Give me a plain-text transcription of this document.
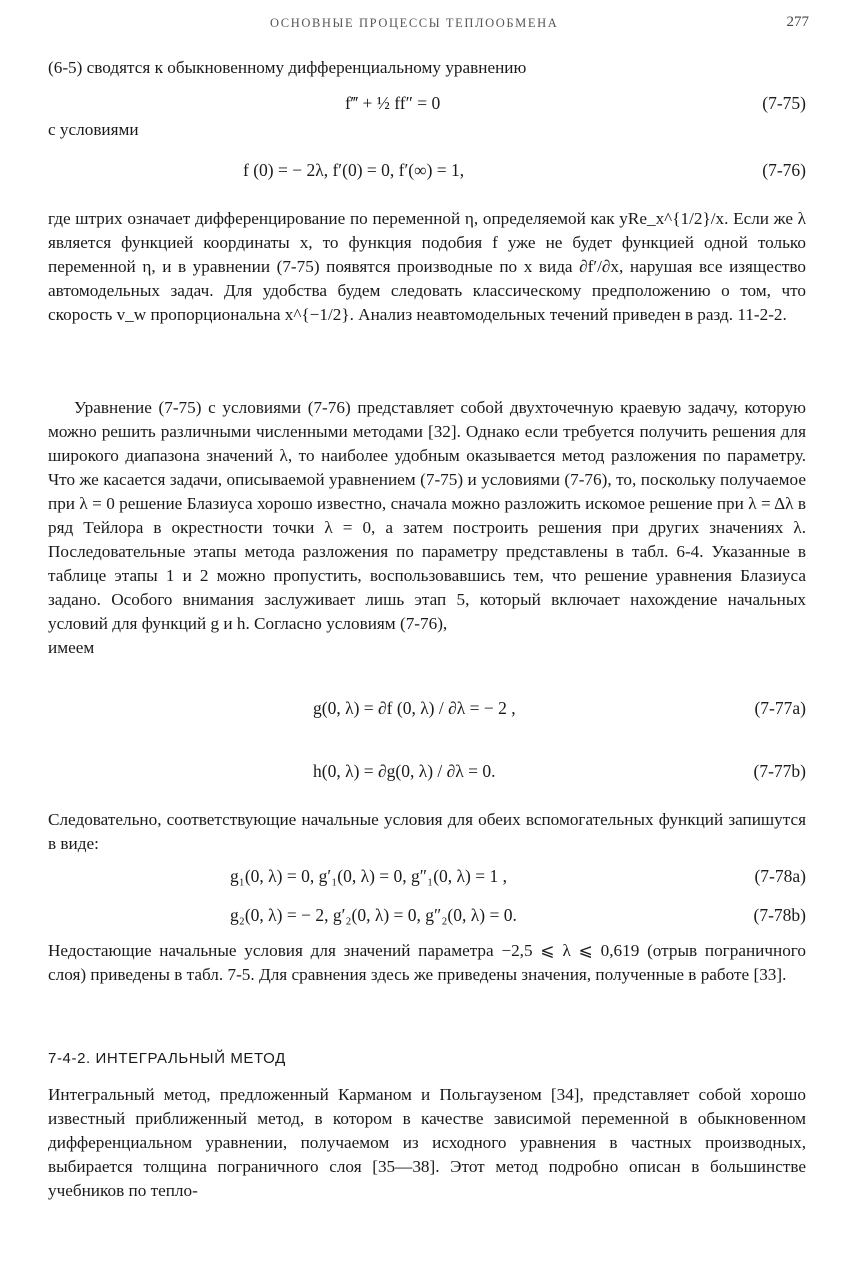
ОСНОВНЫЕ ПРОЦЕССЫ ТЕПЛООБМЕНА	277

(6-5) сводятся к обыкновенному дифференциальному уравнению

f‴ + ½ ff″ = 0	(7-75)

с условиями

f (0) = − 2λ, f′(0) = 0, f′(∞) = 1,	(7-76)

где штрих означает дифференцирование по переменной η, определяемой как yRe_x^{1/2}/x. Если же λ является функцией координаты x, то функция подобия f уже не будет функцией одной только переменной η, и в уравнении (7-75) появятся производные по x вида ∂f′/∂x, нарушая все изящество автомодельных задач. Для удобства будем следовать классическому предположению о том, что скорость v_w пропорциональна x^{−1/2}. Анализ неавтомодельных течений приведен в разд. 11-2-2.

Уравнение (7-75) с условиями (7-76) представляет собой двухточечную краевую задачу, которую можно решить различными численными методами [32]. Однако если требуется получить решения для широкого диапазона значений λ, то наиболее удобным оказывается метод разложения по параметру. Что же касается задачи, описываемой уравнением (7-75) и условиями (7-76), то, поскольку получаемое при λ = 0 решение Блазиуса хорошо известно, сначала можно разложить искомое решение при λ = Δλ в ряд Тейлора в окрестности точки λ = 0, а затем построить решения при других значениях λ. Последовательные этапы метода разложения по параметру представлены в табл. 6-4. Указанные в таблице этапы 1 и 2 можно пропустить, воспользовавшись тем, что решение уравнения Блазиуса задано. Особого внимания заслуживает лишь этап 5, который включает нахождение начальных условий для функций g и h. Согласно условиям (7-76),

имеем

g(0, λ) = ∂f (0, λ) / ∂λ = − 2 ,	(7-77a)
h(0, λ) = ∂g(0, λ) / ∂λ = 0.	(7-77b)

Следовательно, соответствующие начальные условия для обеих вспомогательных функций запишутся в виде:

g₁(0, λ) = 0, g′₁(0, λ) = 0, g″₁(0, λ) = 1 ,	(7-78a)
g₂(0, λ) = − 2, g′₂(0, λ) = 0, g″₂(0, λ) = 0.	(7-78b)

Недостающие начальные условия для значений параметра −2,5 ⩽ λ ⩽ 0,619 (отрыв пограничного слоя) приведены в табл. 7-5. Для сравнения здесь же приведены значения, полученные в работе [33].

7-4-2. ИНТЕГРАЛЬНЫЙ МЕТОД

Интегральный метод, предложенный Карманом и Польгаузеном [34], представляет собой хорошо известный приближенный метод, в котором в качестве зависимой переменной в обыкновенном дифференциальном уравнении, получаемом из исходного уравнения в частных производных, выбирается толщина пограничного слоя [35—38]. Этот метод подробно описан в большинстве учебников по тепло-
